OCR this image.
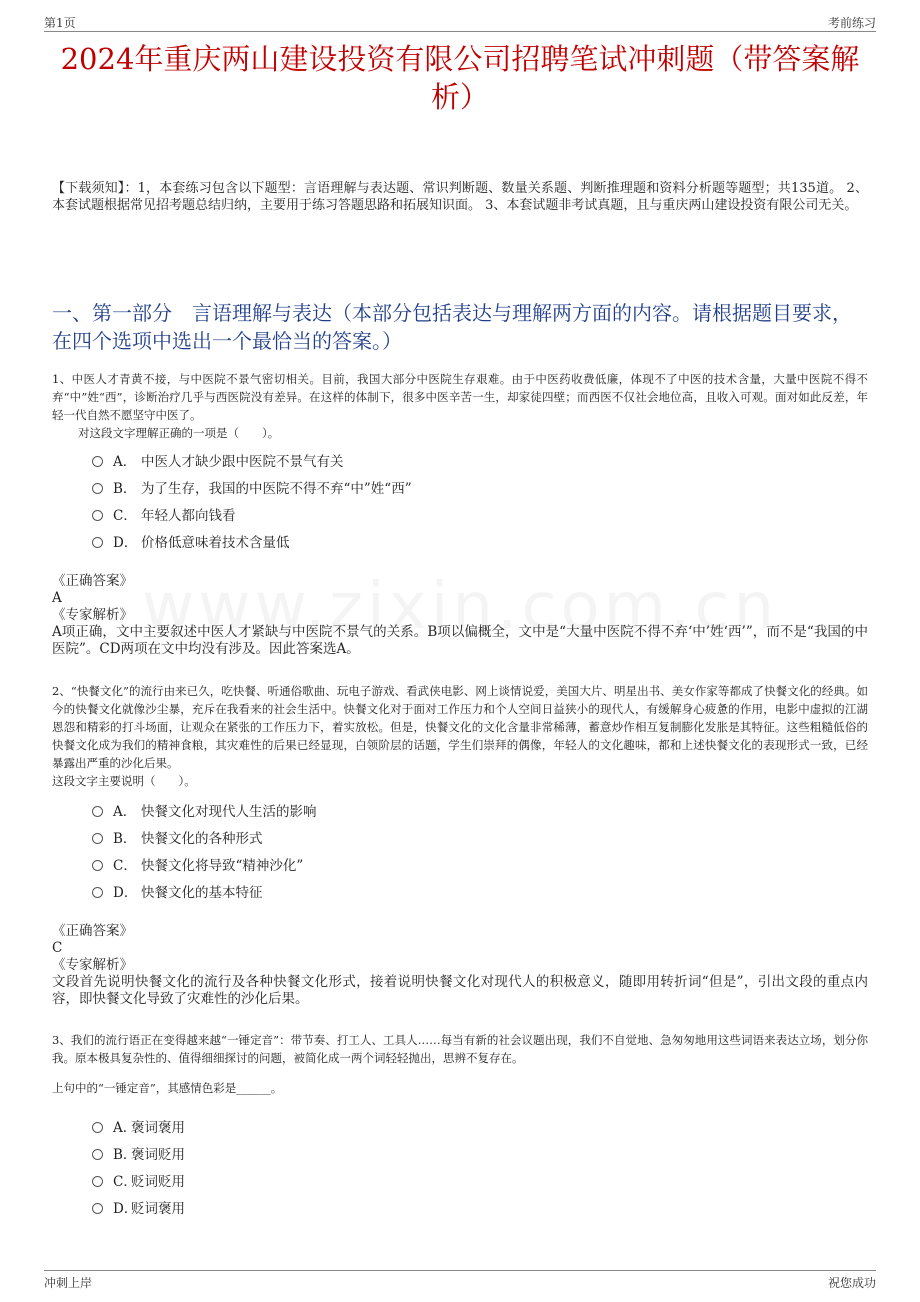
第1页	考前练习
2024年重庆两山建设投资有限公司招聘笔试冲刺题（带答案解析）
【下载须知】：1，本套练习包含以下题型：言语理解与表达题、常识判断题、数量关系题、判断推理题和资料分析题等题型；共135道。 2、本套试题根据常见招考题总结归纳，主要用于练习答题思路和拓展知识面。 3、本套试题非考试真题，且与重庆两山建设投资有限公司无关。
一、第一部分　言语理解与表达（本部分包括表达与理解两方面的内容。请根据题目要求，在四个选项中选出一个最恰当的答案。）
1、中医人才青黄不接，与中医院不景气密切相关。目前，我国大部分中医院生存艰难。由于中医药收费低廉，体现不了中医的技术含量，大量中医院不得不弃“中”姓“西”，诊断治疗几乎与西医院没有差异。在这样的体制下，很多中医辛苦一生，却家徒四壁；而西医不仅社会地位高，且收入可观。面对如此反差，年轻一代自然不愿坚守中医了。
对这段文字理解正确的一项是（　　）。
A． 中医人才缺少跟中医院不景气有关
B． 为了生存，我国的中医院不得不弃“中”姓“西”
C． 年轻人都向钱看
D． 价格低意味着技术含量低

《正确答案》

A

《专家解析》

A项正确，文中主要叙述中医人才紧缺与中医院不景气的关系。B项以偏概全，文中是“大量中医院不得不弃‘中’姓‘西’”，而不是“我国的中医院”。CD两项在文中均没有涉及。因此答案选A。

2、“快餐文化”的流行由来已久，吃快餐、听通俗歌曲、玩电子游戏、看武侠电影、网上谈情说爱，美国大片、明星出书、美女作家等都成了快餐文化的经典。如今的快餐文化就像沙尘暴，充斥在我看来的社会生活中。快餐文化对于面对工作压力和个人空间日益狭小的现代人，有缓解身心疲惫的作用，电影中虚拟的江湖恩怨和精彩的打斗场面，让观众在紧张的工作压力下，着实放松。但是，快餐文化的文化含量非常稀薄，蓄意炒作相互复制膨化发胀是其特征。这些粗糙低俗的快餐文化成为我们的精神食粮，其灾难性的后果已经显现，白领阶层的话题，学生们崇拜的偶像，年轻人的文化趣味，都和上述快餐文化的表现形式一致，已经暴露出严重的沙化后果。
这段文字主要说明（　　）。
A． 快餐文化对现代人生活的影响
B． 快餐文化的各种形式
C． 快餐文化将导致“精神沙化”
D． 快餐文化的基本特征

《正确答案》

C

《专家解析》

文段首先说明快餐文化的流行及各种快餐文化形式，接着说明快餐文化对现代人的积极意义，随即用转折词“但是”，引出文段的重点内容，即快餐文化导致了灾难性的沙化后果。

3、我们的流行语正在变得越来越“一锤定音”：带节奏、打工人、工具人……每当有新的社会议题出现，我们不自觉地、急匆匆地用这些词语来表达立场，划分你我。原本极具复杂性的、值得细细探讨的问题，被简化成一两个词轻轻抛出，思辨不复存在。
上句中的“一锤定音”，其感情色彩是______。
A．
褒词褒用
B．
褒词贬用
C．
贬词贬用
D．
贬词褒用
冲刺上岸	祝您成功
